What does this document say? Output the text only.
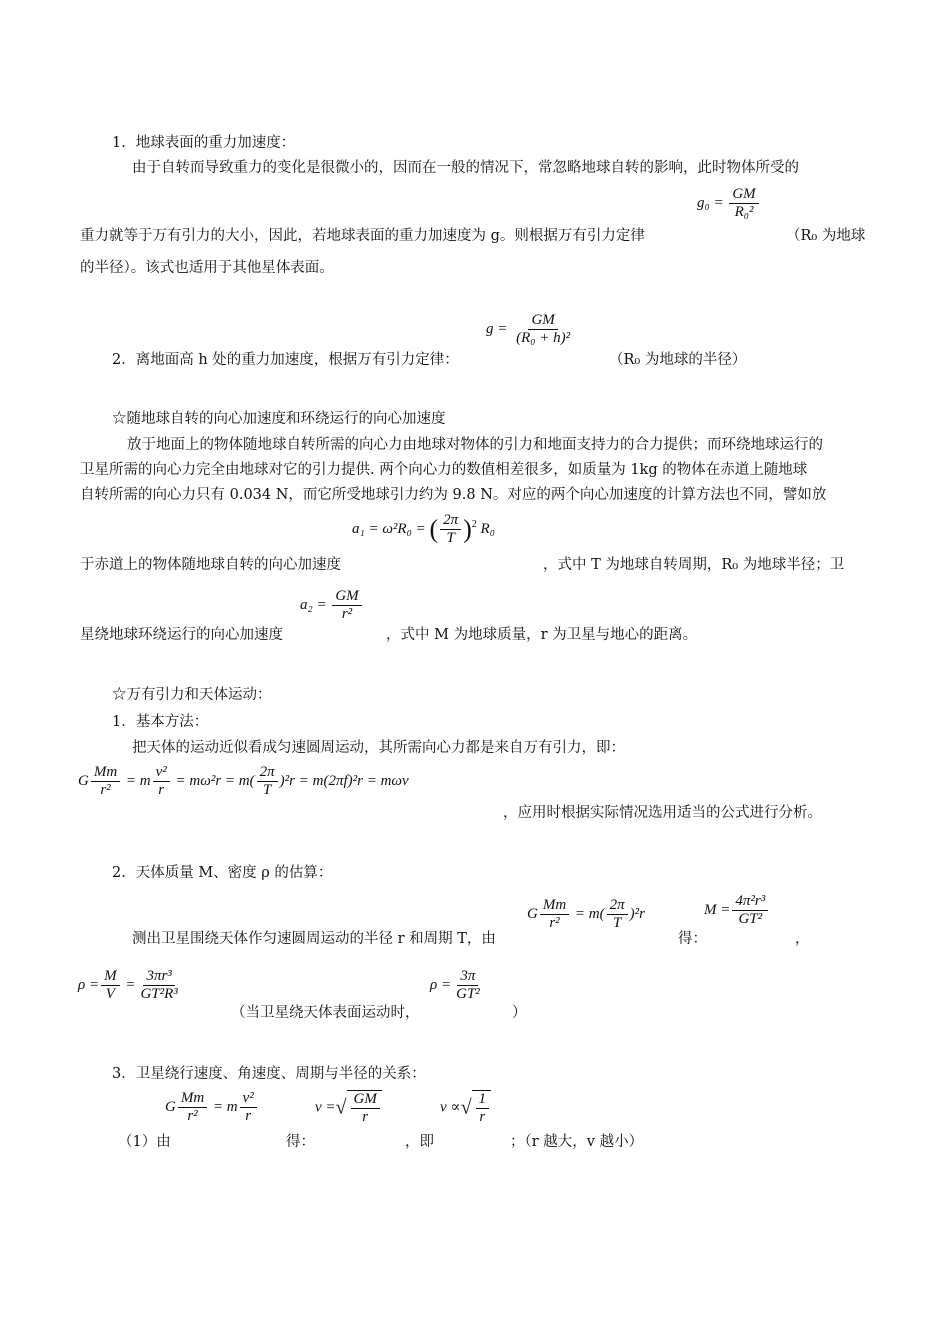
1．地球表面的重力加速度：
由于自转而导致重力的变化是很微小的，因而在一般的情况下，常忽略地球自转的影响，此时物体所受的
$g_0 = \frac{GM}{\text{R₀²}}$
重力就等于万有引力的大小，因此，若地球表面的重力加速度为 g。则根据万有引力定律	（R₀ 为地球
的半径）。该式也适用于其他星体表面。
$g = \frac{GM}{\text{(R₀ + h)²}}$
2．离地面高 h 处的重力加速度，根据万有引力定律：	（R₀ 为地球的半径）
☆随地球自转的向心加速度和环绕运行的向心加速度
放于地面上的物体随地球自转所需的向心力由地球对物体的引力和地面支持力的合力提供；而环绕地球运行的
卫星所需的向心力完全由地球对它的引力提供. 两个向心力的数值相差很多，如质量为 1kg 的物体在赤道上随地球
自转所需的向心力只有 0.034 N，而它所受地球引力约为 9.8 N。对应的两个向心加速度的计算方法也不同，譬如放
a₁ = ω²R₀ = ( $\frac{2\pi}{T} )^2$ R₀
于赤道上的物体随地球自转的向心加速度	，式中 T 为地球自转周期，R₀ 为地球半径；卫
$a_2 = \frac{GM}{\text{r²}}$
星绕地球环绕运行的向心加速度	，式中 M 为地球质量，r 为卫星与地心的距离。
☆万有引力和天体运动：
1．基本方法：
把天体的运动近似看成匀速圆周运动，其所需向心力都是来自万有引力，即：
G $\frac{Mm}{\text{r²}} = m \frac{\text{v²}}{r} = m\omega^2r = m( \frac{2\pi}{T} )^2r = m(2\pi f)^2r = m\omega v$
，应用时根据实际情况选用适当的公式进行分析。
2．天体质量 M、密度 ρ 的估算：
G $\frac{Mm}{\text{r²}} = m( \frac{2\pi}{T} )^2r$	$M = \frac{\text{4π²r³}}{\text{GT²}}$
测出卫星围绕天体作匀速圆周运动的半径 r 和周期 T，由	得：	，
$\rho = \frac{M}{V} = \frac{\text{3πr³}}{\text{GT²R³}}$	$\rho = \frac{3\pi}{\text{GT²}}$
（当卫星绕天体表面运动时，	）
3．卫星绕行速度、角速度、周期与半径的关系：
G $\frac{Mm}{\text{r²}} = m \frac{\text{v²}}{r}$	v =√ $\frac{GM}{r}$	v ∝√ $\frac{1}{r}$
（1）由	得：	，即	；（r 越大，v 越小）
